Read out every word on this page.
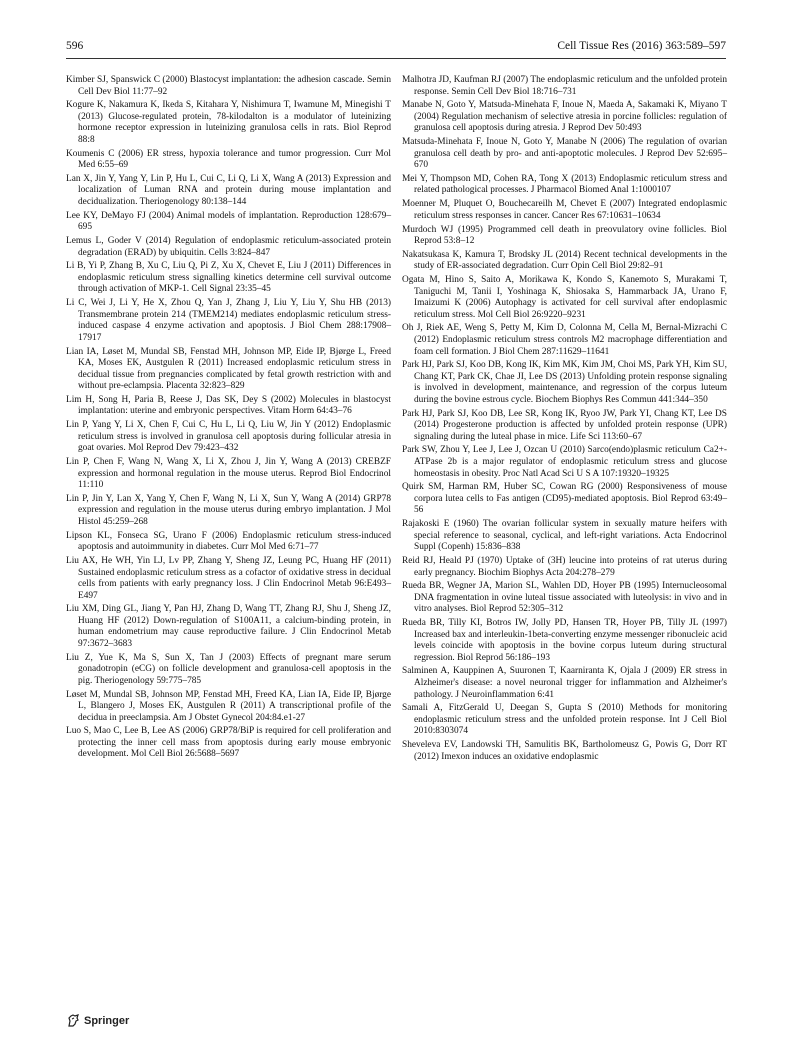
596	Cell Tissue Res (2016) 363:589–597

Kimber SJ, Spanswick C (2000) Blastocyst implantation: the adhesion cascade. Semin Cell Dev Biol 11:77–92

Kogure K, Nakamura K, Ikeda S, Kitahara Y, Nishimura T, Iwamune M, Minegishi T (2013) Glucose-regulated protein, 78-kilodalton is a modulator of luteinizing hormone receptor expression in luteinizing granulosa cells in rats. Biol Reprod 88:8

Koumenis C (2006) ER stress, hypoxia tolerance and tumor progression. Curr Mol Med 6:55–69

Lan X, Jin Y, Yang Y, Lin P, Hu L, Cui C, Li Q, Li X, Wang A (2013) Expression and localization of Luman RNA and protein during mouse implantation and decidualization. Theriogenology 80:138–144

Lee KY, DeMayo FJ (2004) Animal models of implantation. Reproduction 128:679–695

Lemus L, Goder V (2014) Regulation of endoplasmic reticulum-associated protein degradation (ERAD) by ubiquitin. Cells 3:824–847

Li B, Yi P, Zhang B, Xu C, Liu Q, Pi Z, Xu X, Chevet E, Liu J (2011) Differences in endoplasmic reticulum stress signalling kinetics determine cell survival outcome through activation of MKP-1. Cell Signal 23:35–45

Li C, Wei J, Li Y, He X, Zhou Q, Yan J, Zhang J, Liu Y, Liu Y, Shu HB (2013) Transmembrane protein 214 (TMEM214) mediates endoplasmic reticulum stress-induced caspase 4 enzyme activation and apoptosis. J Biol Chem 288:17908–17917

Lian IA, Løset M, Mundal SB, Fenstad MH, Johnson MP, Eide IP, Bjørge L, Freed KA, Moses EK, Austgulen R (2011) Increased endoplasmic reticulum stress in decidual tissue from pregnancies complicated by fetal growth restriction with and without pre-eclampsia. Placenta 32:823–829

Lim H, Song H, Paria B, Reese J, Das SK, Dey S (2002) Molecules in blastocyst implantation: uterine and embryonic perspectives. Vitam Horm 64:43–76

Lin P, Yang Y, Li X, Chen F, Cui C, Hu L, Li Q, Liu W, Jin Y (2012) Endoplasmic reticulum stress is involved in granulosa cell apoptosis during follicular atresia in goat ovaries. Mol Reprod Dev 79:423–432

Lin P, Chen F, Wang N, Wang X, Li X, Zhou J, Jin Y, Wang A (2013) CREBZF expression and hormonal regulation in the mouse uterus. Reprod Biol Endocrinol 11:110

Lin P, Jin Y, Lan X, Yang Y, Chen F, Wang N, Li X, Sun Y, Wang A (2014) GRP78 expression and regulation in the mouse uterus during embryo implantation. J Mol Histol 45:259–268

Lipson KL, Fonseca SG, Urano F (2006) Endoplasmic reticulum stress-induced apoptosis and autoimmunity in diabetes. Curr Mol Med 6:71–77

Liu AX, He WH, Yin LJ, Lv PP, Zhang Y, Sheng JZ, Leung PC, Huang HF (2011) Sustained endoplasmic reticulum stress as a cofactor of oxidative stress in decidual cells from patients with early pregnancy loss. J Clin Endocrinol Metab 96:E493–E497

Liu XM, Ding GL, Jiang Y, Pan HJ, Zhang D, Wang TT, Zhang RJ, Shu J, Sheng JZ, Huang HF (2012) Down-regulation of S100A11, a calcium-binding protein, in human endometrium may cause reproductive failure. J Clin Endocrinol Metab 97:3672–3683

Liu Z, Yue K, Ma S, Sun X, Tan J (2003) Effects of pregnant mare serum gonadotropin (eCG) on follicle development and granulosa-cell apoptosis in the pig. Theriogenology 59:775–785

Løset M, Mundal SB, Johnson MP, Fenstad MH, Freed KA, Lian IA, Eide IP, Bjørge L, Blangero J, Moses EK, Austgulen R (2011) A transcriptional profile of the decidua in preeclampsia. Am J Obstet Gynecol 204:84.e1-27

Luo S, Mao C, Lee B, Lee AS (2006) GRP78/BiP is required for cell proliferation and protecting the inner cell mass from apoptosis during early mouse embryonic development. Mol Cell Biol 26:5688–5697

Malhotra JD, Kaufman RJ (2007) The endoplasmic reticulum and the unfolded protein response. Semin Cell Dev Biol 18:716–731

Manabe N, Goto Y, Matsuda-Minehata F, Inoue N, Maeda A, Sakamaki K, Miyano T (2004) Regulation mechanism of selective atresia in porcine follicles: regulation of granulosa cell apoptosis during atresia. J Reprod Dev 50:493

Matsuda-Minehata F, Inoue N, Goto Y, Manabe N (2006) The regulation of ovarian granulosa cell death by pro- and anti-apoptotic molecules. J Reprod Dev 52:695–670

Mei Y, Thompson MD, Cohen RA, Tong X (2013) Endoplasmic reticulum stress and related pathological processes. J Pharmacol Biomed Anal 1:1000107

Moenner M, Pluquet O, Bouchecareilh M, Chevet E (2007) Integrated endoplasmic reticulum stress responses in cancer. Cancer Res 67:10631–10634

Murdoch WJ (1995) Programmed cell death in preovulatory ovine follicles. Biol Reprod 53:8–12

Nakatsukasa K, Kamura T, Brodsky JL (2014) Recent technical developments in the study of ER-associated degradation. Curr Opin Cell Biol 29:82–91

Ogata M, Hino S, Saito A, Morikawa K, Kondo S, Kanemoto S, Murakami T, Taniguchi M, Tanii I, Yoshinaga K, Shiosaka S, Hammarback JA, Urano F, Imaizumi K (2006) Autophagy is activated for cell survival after endoplasmic reticulum stress. Mol Cell Biol 26:9220–9231

Oh J, Riek AE, Weng S, Petty M, Kim D, Colonna M, Cella M, Bernal-Mizrachi C (2012) Endoplasmic reticulum stress controls M2 macrophage differentiation and foam cell formation. J Biol Chem 287:11629–11641

Park HJ, Park SJ, Koo DB, Kong IK, Kim MK, Kim JM, Choi MS, Park YH, Kim SU, Chang KT, Park CK, Chae JI, Lee DS (2013) Unfolding protein response signaling is involved in development, maintenance, and regression of the corpus luteum during the bovine estrous cycle. Biochem Biophys Res Commun 441:344–350

Park HJ, Park SJ, Koo DB, Lee SR, Kong IK, Ryoo JW, Park YI, Chang KT, Lee DS (2014) Progesterone production is affected by unfolded protein response (UPR) signaling during the luteal phase in mice. Life Sci 113:60–67

Park SW, Zhou Y, Lee J, Lee J, Ozcan U (2010) Sarco(endo)plasmic reticulum Ca2+-ATPase 2b is a major regulator of endoplasmic reticulum stress and glucose homeostasis in obesity. Proc Natl Acad Sci U S A 107:19320–19325

Quirk SM, Harman RM, Huber SC, Cowan RG (2000) Responsiveness of mouse corpora lutea cells to Fas antigen (CD95)-mediated apoptosis. Biol Reprod 63:49–56

Rajakoski E (1960) The ovarian follicular system in sexually mature heifers with special reference to seasonal, cyclical, and left-right variations. Acta Endocrinol Suppl (Copenh) 15:836–838

Reid RJ, Heald PJ (1970) Uptake of (3H) leucine into proteins of rat uterus during early pregnancy. Biochim Biophys Acta 204:278–279

Rueda BR, Wegner JA, Marion SL, Wahlen DD, Hoyer PB (1995) Internucleosomal DNA fragmentation in ovine luteal tissue associated with luteolysis: in vivo and in vitro analyses. Biol Reprod 52:305–312

Rueda BR, Tilly KI, Botros IW, Jolly PD, Hansen TR, Hoyer PB, Tilly JL (1997) Increased bax and interleukin-1beta-converting enzyme messenger ribonucleic acid levels coincide with apoptosis in the bovine corpus luteum during structural regression. Biol Reprod 56:186–193

Salminen A, Kauppinen A, Suuronen T, Kaarniranta K, Ojala J (2009) ER stress in Alzheimer's disease: a novel neuronal trigger for inflammation and Alzheimer's pathology. J Neuroinflammation 6:41

Samali A, FitzGerald U, Deegan S, Gupta S (2010) Methods for monitoring endoplasmic reticulum stress and the unfolded protein response. Int J Cell Biol 2010:8303074

Sheveleva EV, Landowski TH, Samulitis BK, Bartholomeusz G, Powis G, Dorr RT (2012) Imexon induces an oxidative endoplasmic

Springer
